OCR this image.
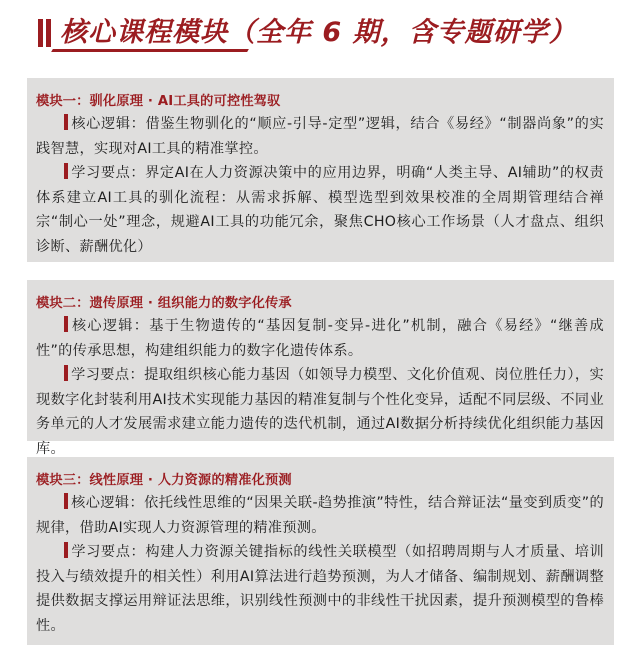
核心课程模块（全年 6 期，含专题研学）
模块一：驯化原理 · AI工具的可控性驾驭

核心逻辑：借鉴生物驯化的“顺应-引导-定型”逻辑，结合《易经》“制器尚象”的实践智慧，实现对AI工具的精准掌控。

学习要点：界定AI在人力资源决策中的应用边界，明确“人类主导、AI辅助”的权责体系建立AI工具的驯化流程：从需求拆解、模型选型到效果校准的全周期管理结合禅宗“制心一处”理念，规避AI工具的功能冗余，聚焦CHO核心工作场景（人才盘点、组织诊断、薪酬优化）

模块二：遗传原理 · 组织能力的数字化传承

核心逻辑：基于生物遗传的“基因复制-变异-进化”机制，融合《易经》“继善成性”的传承思想，构建组织能力的数字化遗传体系。

学习要点：提取组织核心能力基因（如领导力模型、文化价值观、岗位胜任力），实现数字化封装利用AI技术实现能力基因的精准复制与个性化变异，适配不同层级、不同业务单元的人才发展需求建立能力遗传的迭代机制，通过AI数据分析持续优化组织能力基因库。

模块三：线性原理 · 人力资源的精准化预测

核心逻辑：依托线性思维的“因果关联-趋势推演”特性，结合辩证法“量变到质变”的规律，借助AI实现人力资源管理的精准预测。

学习要点：构建人力资源关键指标的线性关联模型（如招聘周期与人才质量、培训投入与绩效提升的相关性）利用AI算法进行趋势预测，为人才储备、编制规划、薪酬调整提供数据支撑运用辩证法思维，识别线性预测中的非线性干扰因素，提升预测模型的鲁棒性。
